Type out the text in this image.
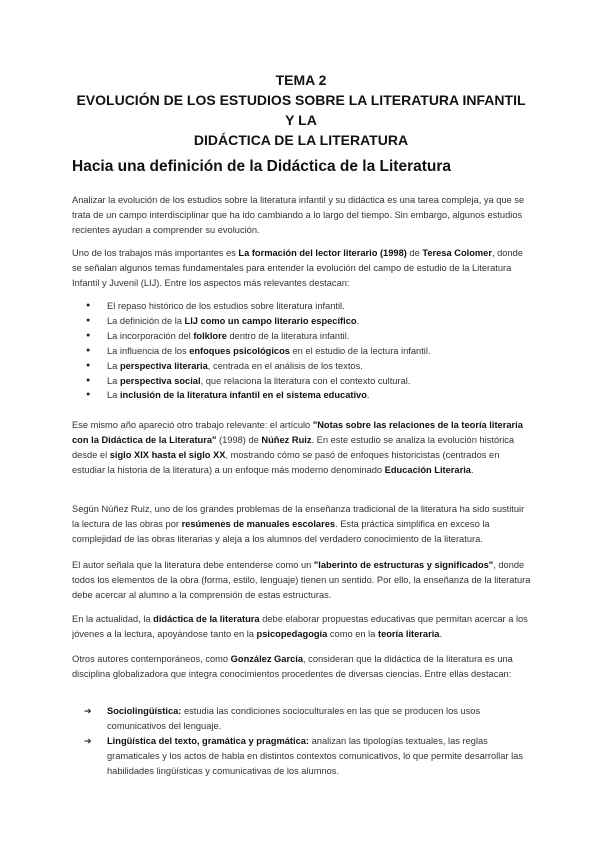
TEMA 2
EVOLUCIÓN DE LOS ESTUDIOS SOBRE LA LITERATURA INFANTIL Y LA
DIDÁCTICA DE LA LITERATURA

Hacia una definición de la Didáctica de la Literatura

Analizar la evolución de los estudios sobre la literatura infantil y su didáctica es una tarea compleja, ya que se trata de un campo interdisciplinar que ha ido cambiando a lo largo del tiempo. Sin embargo, algunos estudios recientes ayudan a comprender su evolución.

Uno de los trabajos más importantes es La formación del lector literario (1998) de Teresa Colomer, donde se señalan algunos temas fundamentales para entender la evolución del campo de estudio de la Literatura Infantil y Juvenil (LIJ). Entre los aspectos más relevantes destacan:

● El repaso histórico de los estudios sobre literatura infantil.
● La definición de la LIJ como un campo literario específico.
● La incorporación del folklore dentro de la literatura infantil.
● La influencia de los enfoques psicológicos en el estudio de la lectura infantil.
● La perspectiva literaria, centrada en el análisis de los textos.
● La perspectiva social, que relaciona la literatura con el contexto cultural.
● La inclusión de la literatura infantil en el sistema educativo.

Ese mismo año apareció otro trabajo relevante: el artículo "Notas sobre las relaciones de la teoría literaria con la Didáctica de la Literatura" (1998) de Núñez Ruiz. En este estudio se analiza la evolución histórica desde el siglo XIX hasta el siglo XX, mostrando cómo se pasó de enfoques historicistas (centrados en estudiar la historia de la literatura) a un enfoque más moderno denominado Educación Literaria.

Según Núñez Ruiz, uno de los grandes problemas de la enseñanza tradicional de la literatura ha sido sustituir la lectura de las obras por resúmenes de manuales escolares. Esta práctica simplifica en exceso la complejidad de las obras literarias y aleja a los alumnos del verdadero conocimiento de la literatura.

El autor señala que la literatura debe entenderse como un "laberinto de estructuras y significados", donde todos los elementos de la obra (forma, estilo, lenguaje) tienen un sentido. Por ello, la enseñanza de la literatura debe acercar al alumno a la comprensión de estas estructuras.

En la actualidad, la didáctica de la literatura debe elaborar propuestas educativas que permitan acercar a los jóvenes a la lectura, apoyándose tanto en la psicopedagogía como en la teoría literaria.

Otros autores contemporáneos, como González García, consideran que la didáctica de la literatura es una disciplina globalizadora que integra conocimientos procedentes de diversas ciencias. Entre ellas destacan:

➔ Sociolingüística: estudia las condiciones socioculturales en las que se producen los usos comunicativos del lenguaje.
➔ Lingüística del texto, gramática y pragmática: analizan las tipologías textuales, las reglas gramaticales y los actos de habla en distintos contextos comunicativos, lo que permite desarrollar las habilidades lingüísticas y comunicativas de los alumnos.
